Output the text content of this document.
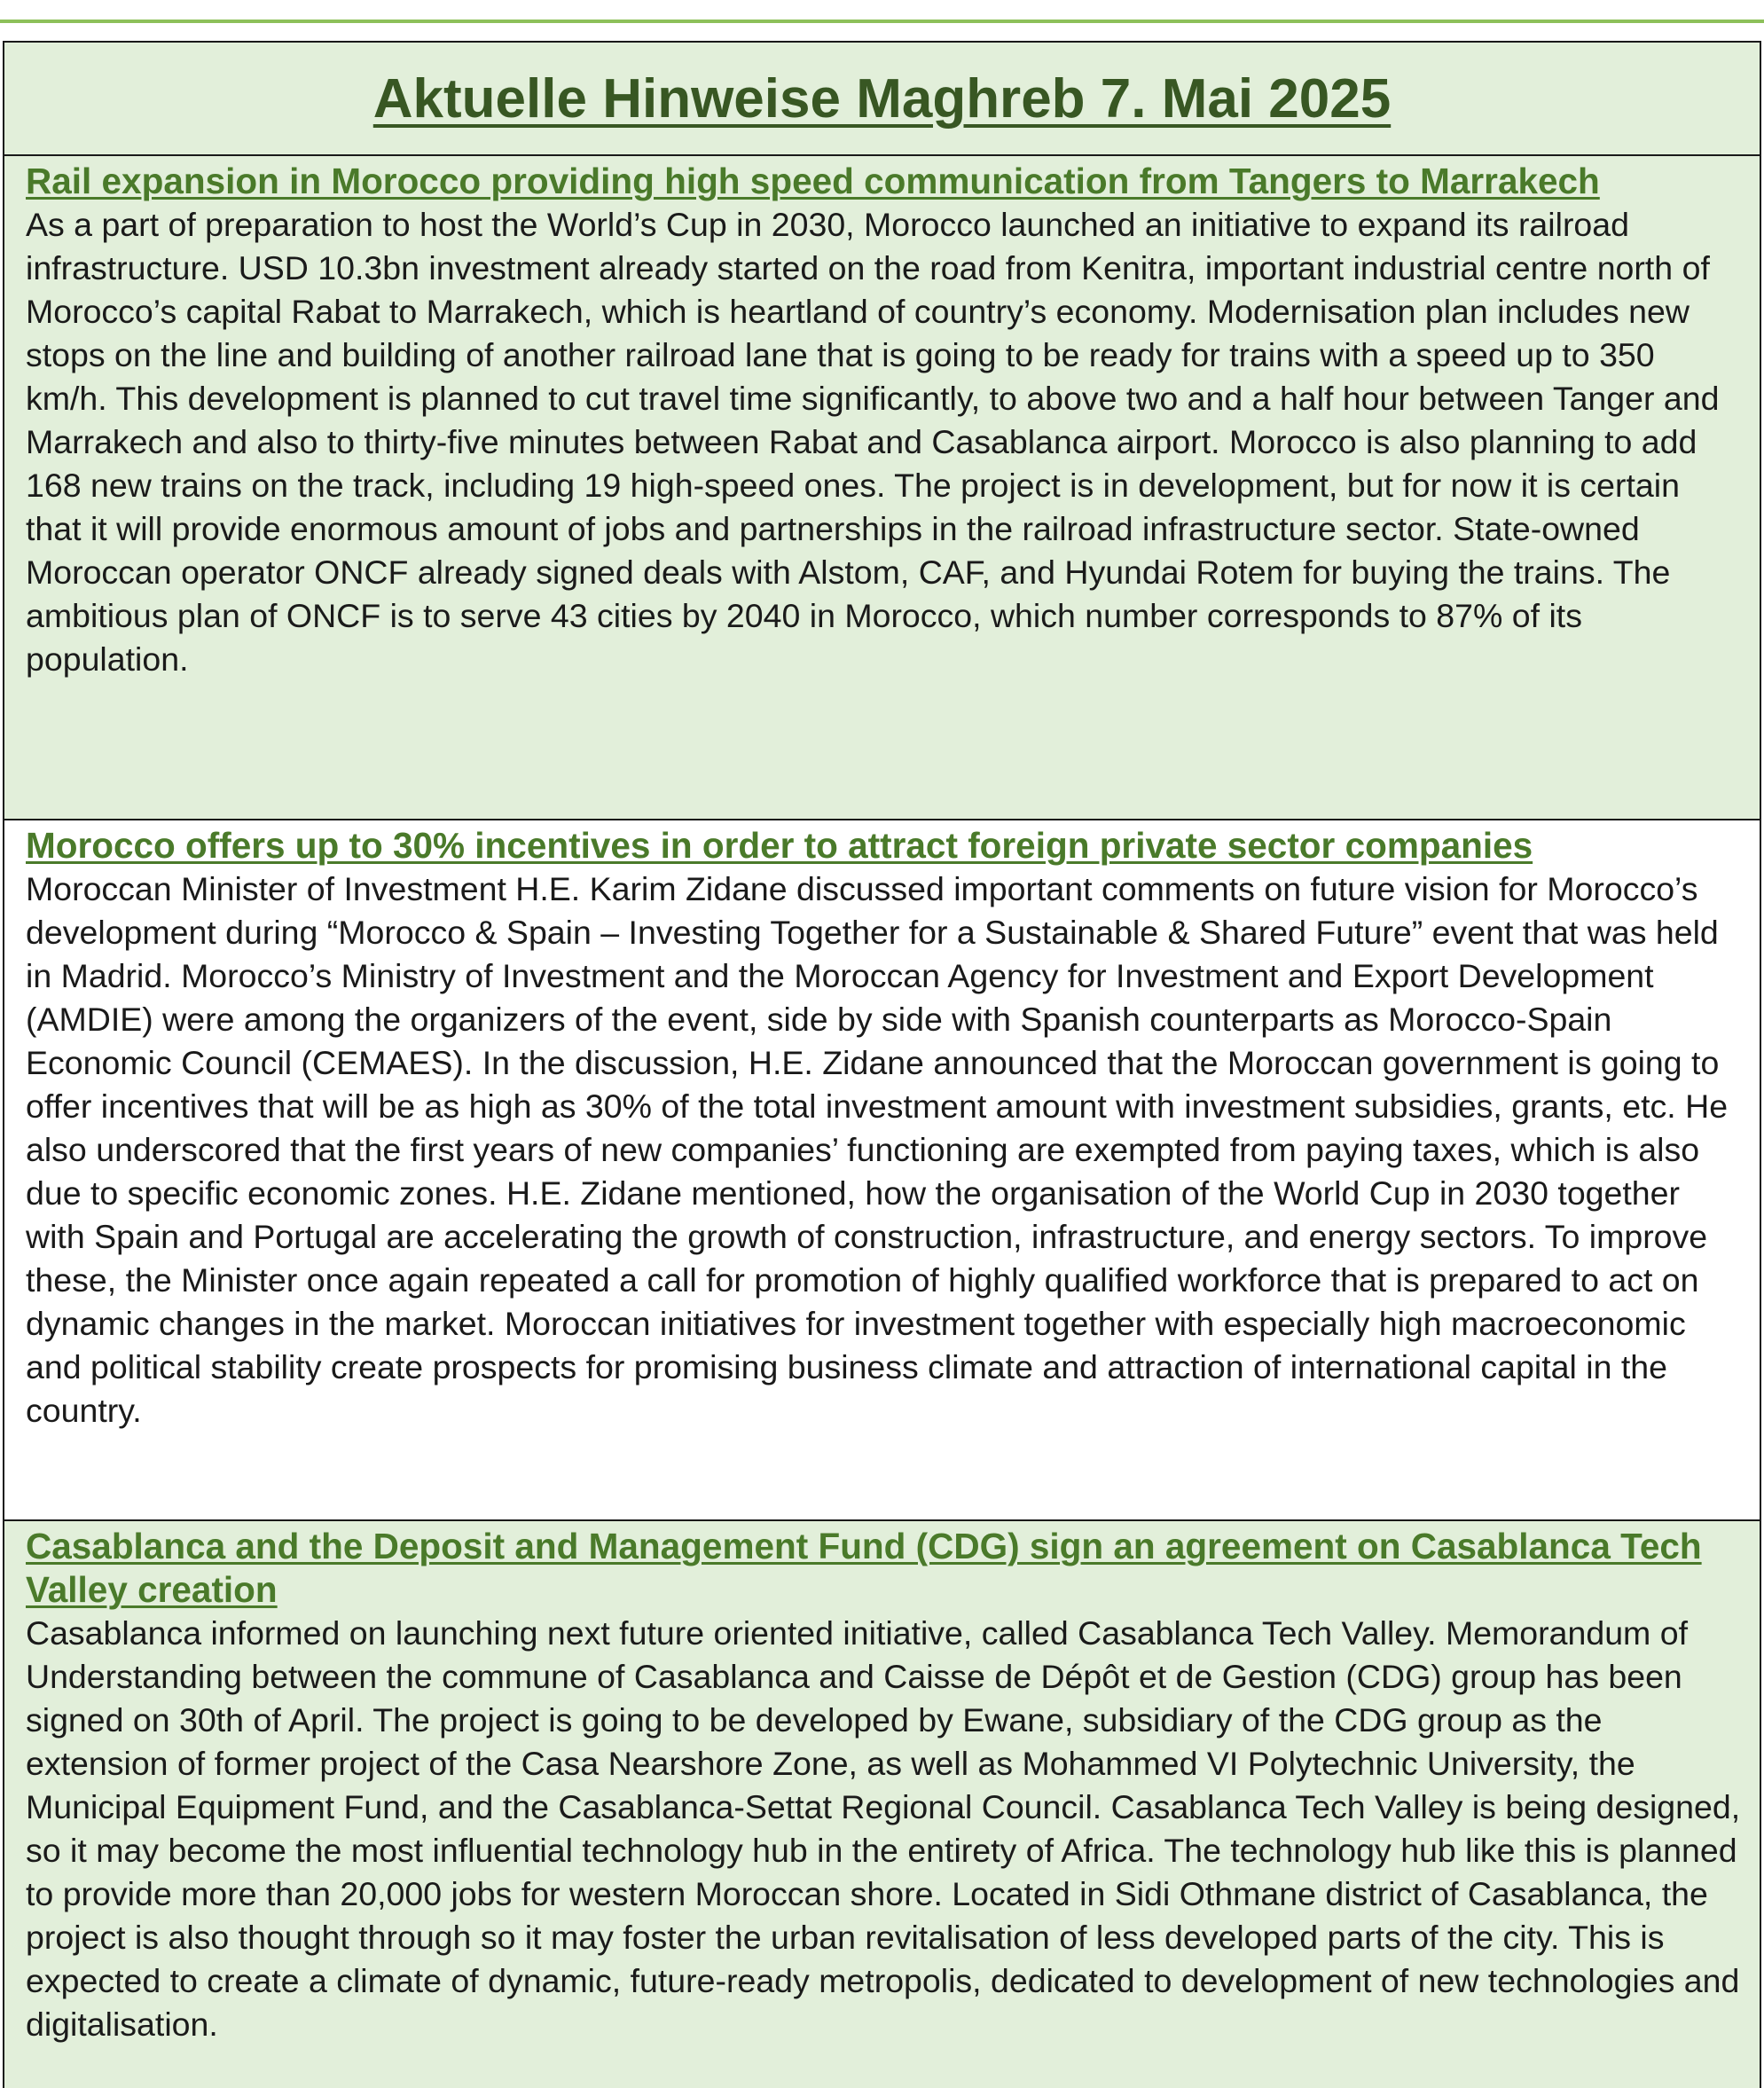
Aktuelle Hinweise Maghreb 7. Mai 2025
Rail expansion in Morocco providing high speed communication from Tangers to Marrakech

As a part of preparation to host the World’s Cup in 2030, Morocco launched an initiative to expand its railroad infrastructure. USD 10.3bn investment already started on the road from Kenitra, important industrial centre north of Morocco’s capital Rabat to Marrakech, which is heartland of country’s economy. Modernisation plan includes new stops on the line and building of another railroad lane that is going to be ready for trains with a speed up to 350 km/h. This development is planned to cut travel time significantly, to above two and a half hour between Tanger and Marrakech and also to thirty-five minutes between Rabat and Casablanca airport. Morocco is also planning to add 168 new trains on the track, including 19 high-speed ones. The project is in development, but for now it is certain that it will provide enormous amount of jobs and partnerships in the railroad infrastructure sector. State-owned Moroccan operator ONCF already signed deals with Alstom, CAF, and Hyundai Rotem for buying the trains. The ambitious plan of ONCF is to serve 43 cities by 2040 in Morocco, which number corresponds to 87% of its population.

Morocco offers up to 30% incentives in order to attract foreign private sector companies

Moroccan Minister of Investment H.E. Karim Zidane discussed important comments on future vision for Morocco’s development during “Morocco & Spain – Investing Together for a Sustainable & Shared Future” event that was held in Madrid. Morocco’s Ministry of Investment and the Moroccan Agency for Investment and Export Development (AMDIE) were among the organizers of the event, side by side with Spanish counterparts as Morocco-Spain Economic Council (CEMAES). In the discussion, H.E. Zidane announced that the Moroccan government is going to offer incentives that will be as high as 30% of the total investment amount with investment subsidies, grants, etc. He also underscored that the first years of new companies’ functioning are exempted from paying taxes, which is also due to specific economic zones. H.E. Zidane mentioned, how the organisation of the World Cup in 2030 together with Spain and Portugal are accelerating the growth of construction, infrastructure, and energy sectors. To improve these, the Minister once again repeated a call for promotion of highly qualified workforce that is prepared to act on dynamic changes in the market. Moroccan initiatives for investment together with especially high macroeconomic and political stability create prospects for promising business climate and attraction of international capital in the country.

Casablanca and the Deposit and Management Fund (CDG) sign an agreement on Casablanca Tech Valley creation

Casablanca informed on launching next future oriented initiative, called Casablanca Tech Valley. Memorandum of Understanding between the commune of Casablanca and Caisse de Dépôt et de Gestion (CDG) group has been signed on 30th of April. The project is going to be developed by Ewane, subsidiary of the CDG group as the extension of former project of the Casa Nearshore Zone, as well as Mohammed VI Polytechnic University, the Municipal Equipment Fund, and the Casablanca-Settat Regional Council. Casablanca Tech Valley is being designed, so it may become the most influential technology hub in the entirety of Africa. The technology hub like this is planned to provide more than 20,000 jobs for western Moroccan shore. Located in Sidi Othmane district of Casablanca, the project is also thought through so it may foster the urban revitalisation of less developed parts of the city. This is expected to create a climate of dynamic, future-ready metropolis, dedicated to development of new technologies and digitalisation.
